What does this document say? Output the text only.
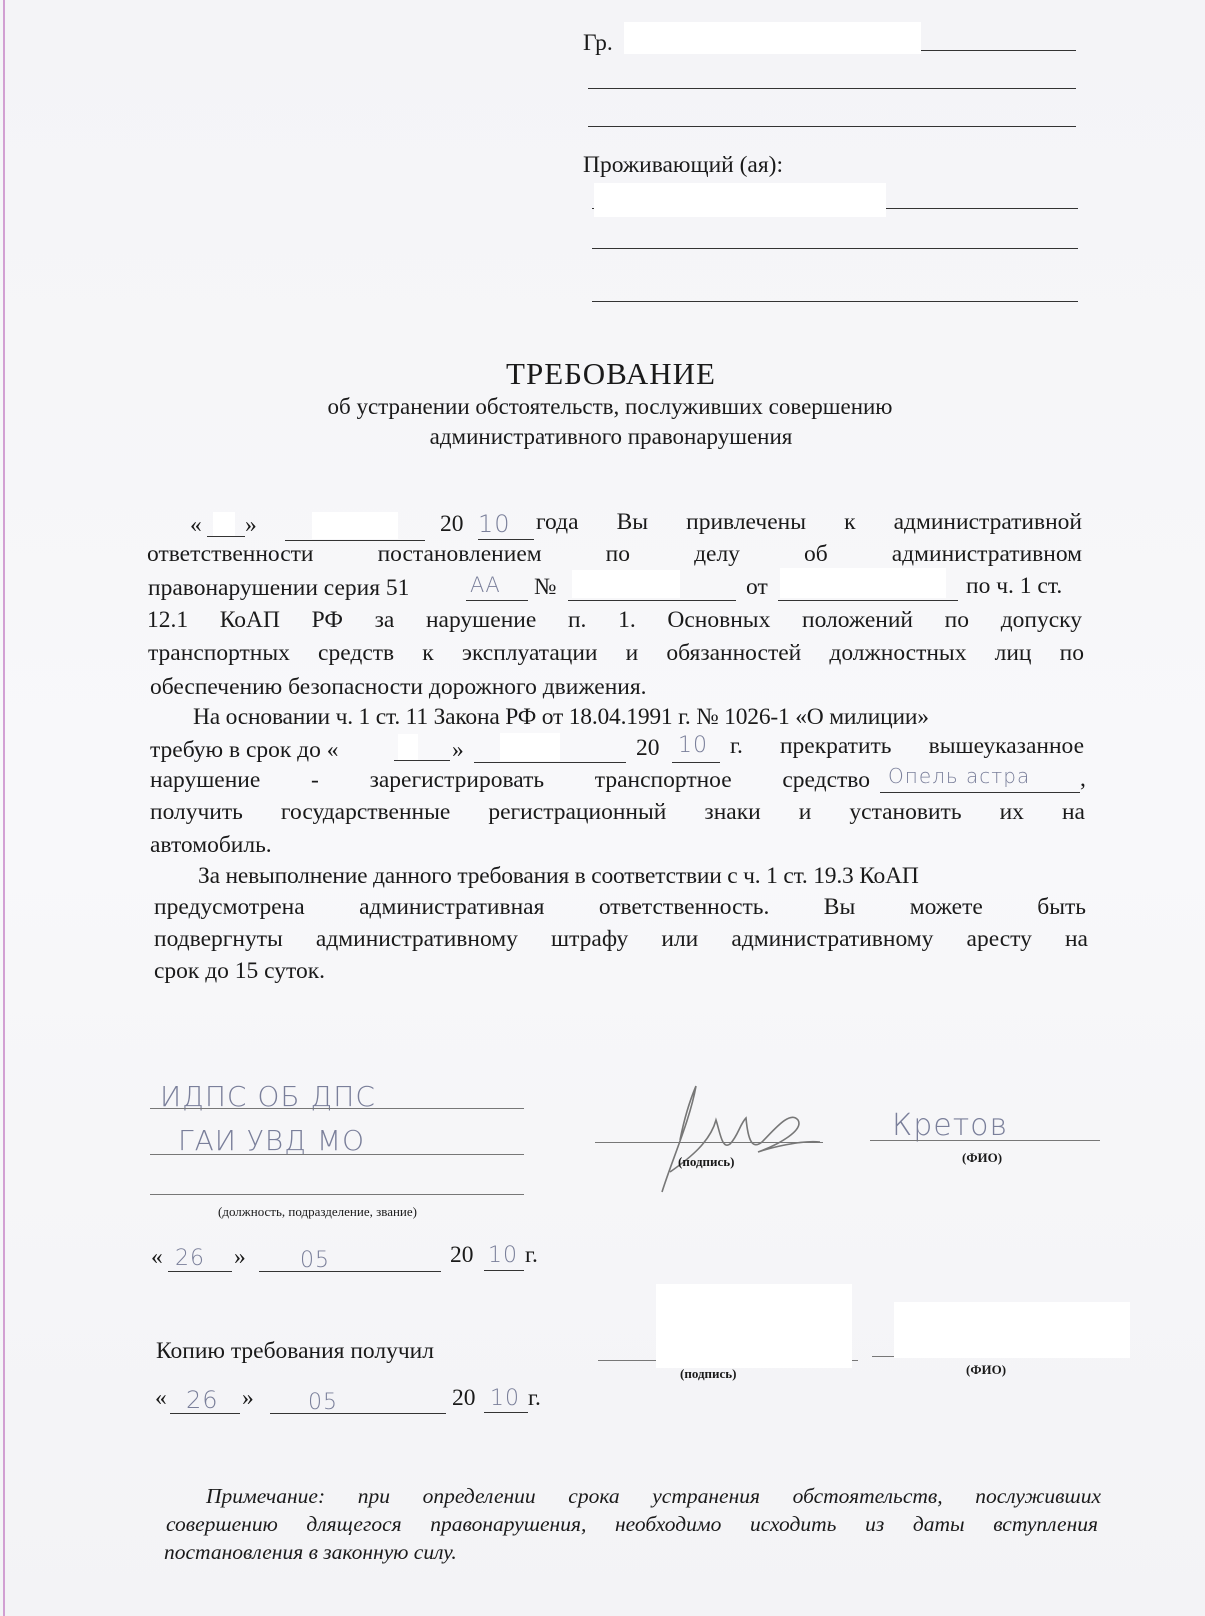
Гр.
Проживающий (ая):
ТРЕБОВАНИЕ
об устранении обстоятельств, послуживших совершению
административного правонарушения
« »	20 10 года Вы привлечены к административной
ответственности постановлением по делу об административном
правонарушении серия 51	АА №	от	по ч. 1 ст.
12.1 КоАП РФ за нарушение п. 1. Основных положений по допуску
транспортных средств к эксплуатации и обязанностей должностных лиц по
обеспечению безопасности дорожного движения.
На основании ч. 1 ст. 11 Закона РФ от 18.04.1991 г. № 1026-1 «О милиции»
требую в срок до «	»	20 10 г. прекратить вышеуказанное
нарушение - зарегистрировать транспортное средство Опель астра ,
получить государственные регистрационный знаки и установить их на
автомобиль.
За невыполнение данного требования в соответствии с ч. 1 ст. 19.3 КоАП
предусмотрена административная ответственность. Вы можете быть
подвергнуты административному штрафу или административному аресту на
срок до 15 суток.
ИДПС ОБ ДПС
ГАИ УВД МО
(должность, подразделение, звание)
(подпись)
Кретов
(ФИО)
« 26 » 05	20 10 г.
Копию требования получил
(подпись)	(ФИО)
« 26 » 05	20 10 г.
Примечание: при определении срока устранения обстоятельств, послуживших
совершению длящегося правонарушения, необходимо исходить из даты вступления
постановления в законную силу.
